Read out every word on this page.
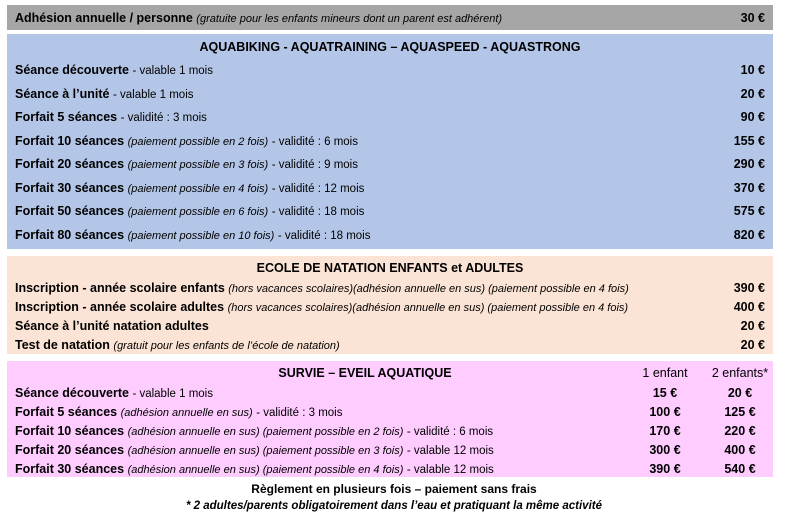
Adhésion annuelle / personne (gratuite pour les enfants mineurs dont un parent est adhérent)	30 €
AQUABIKING - AQUATRAINING – AQUASPEED - AQUASTRONG
Séance découverte - valable 1 mois	10 €
Séance à l’unité - valable 1 mois	20 €
Forfait 5 séances - validité : 3 mois	90 €
Forfait 10 séances (paiement possible en 2 fois) - validité : 6 mois	155 €
Forfait 20 séances (paiement possible en 3 fois) - validité : 9 mois	290 €
Forfait 30 séances (paiement possible en 4 fois) - validité : 12 mois	370 €
Forfait 50 séances (paiement possible en 6 fois) - validité : 18 mois	575 €
Forfait 80 séances (paiement possible en 10 fois) - validité : 18 mois	820 €
ECOLE DE NATATION ENFANTS et ADULTES
Inscription - année scolaire enfants (hors vacances scolaires)(adhésion annuelle en sus) (paiement possible en 4 fois)	390 €
Inscription - année scolaire adultes (hors vacances scolaires)(adhésion annuelle en sus) (paiement possible en 4 fois)	400 €
Séance à l’unité natation adultes	20 €
Test de natation (gratuit pour les enfants de l’école de natation)	20 €
SURVIE – EVEIL AQUATIQUE	1 enfant	2 enfants*
Séance découverte - valable 1 mois	15 €	20 €
Forfait 5 séances (adhésion annuelle en sus) - validité : 3 mois	100 €	125 €
Forfait 10 séances (adhésion annuelle en sus) (paiement possible en 2 fois) - validité : 6 mois	170 €	220 €
Forfait 20 séances (adhésion annuelle en sus) (paiement possible en 3 fois) - valable 12 mois	300 €	400 €
Forfait 30 séances (adhésion annuelle en sus) (paiement possible en 4 fois) - valable 12 mois	390 €	540 €
Règlement en plusieurs fois – paiement sans frais
* 2 adultes/parents obligatoirement dans l’eau et pratiquant la même activité
